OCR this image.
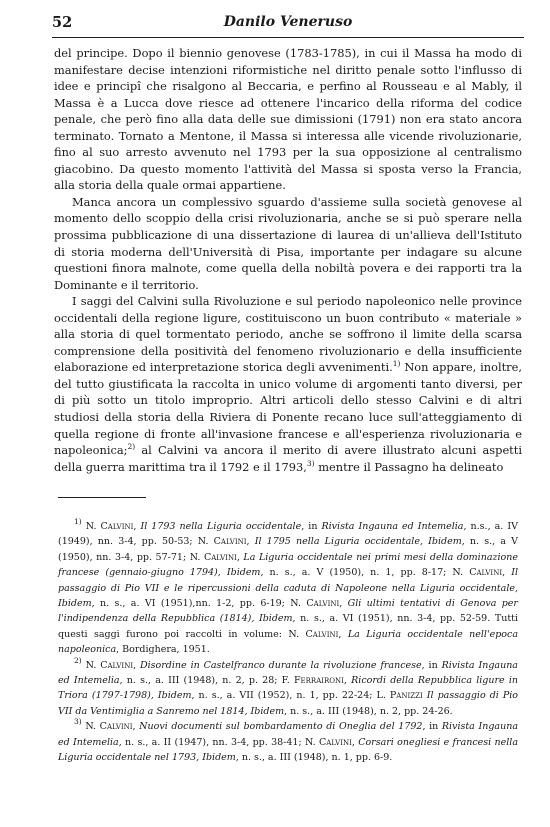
52	Danilo Veneruso

del principe. Dopo il biennio genovese (1783-1785), in cui il Massa ha modo di manifestare decise intenzioni riformistiche nel diritto penale sotto l'influsso di idee e principî che risalgono al Beccaria, e perfino al Rousseau e al Mably, il Massa è a Lucca dove riesce ad ottenere l'incarico della riforma del codice penale, che però fino alla data delle sue dimissioni (1791) non era stato ancora terminato. Tornato a Mentone, il Massa si interessa alle vicende rivoluzionarie, fino al suo arresto avvenuto nel 1793 per la sua opposizione al centralismo giacobino. Da questo momento l'attività del Massa si sposta verso la Francia, alla storia della quale ormai appartiene.

Manca ancora un complessivo sguardo d'assieme sulla società genovese al momento dello scoppio della crisi rivoluzionaria, anche se si può sperare nella prossima pubblicazione di una dissertazione di laurea di un'allieva dell'Istituto di storia moderna dell'Università di Pisa, importante per indagare su alcune questioni finora malnote, come quella della nobiltà povera e dei rapporti tra la Dominante e il territorio.

I saggi del Calvini sulla Rivoluzione e sul periodo napoleonico nelle province occidentali della regione ligure, costituiscono un buon contributo « materiale » alla storia di quel tormentato periodo, anche se soffrono il limite della scarsa comprensione della positività del fenomeno rivoluzionario e della insufficiente elaborazione ed interpretazione storica degli avvenimenti.$^{1)}$ Non appare, inoltre, del tutto giustificata la raccolta in unico volume di argomenti tanto diversi, per di più sotto un titolo improprio. Altri articoli dello stesso Calvini e di altri studiosi della storia della Riviera di Ponente recano luce sull'atteggiamento di quella regione di fronte all'invasione francese e all'esperienza rivoluzionaria e napoleonica;$^{2)}$ al Calvini va ancora il merito di avere illustrato alcuni aspetti della guerra marittima tra il 1792 e il 1793,$^{3)}$ mentre il Passagno ha delineato

$^{1)}$ N. Calvini, Il 1793 nella Liguria occidentale, in Rivista Ingauna ed Intemelia, n.s., a. IV (1949), nn. 3-4, pp. 50-53; N. Calvini, Il 1795 nella Liguria occidentale, Ibidem, n. s., a V (1950), nn. 3-4, pp. 57-71; N. Calvini, La Liguria occidentale nei primi mesi della dominazione francese (gennaio-giugno 1794), Ibidem, n. s., a. V (1950), n. 1, pp. 8-17; N. Calvini, Il passaggio di Pio VII e le ripercussioni della caduta di Napoleone nella Liguria occidentale, Ibidem, n. s., a. VI (1951),nn. 1-2, pp. 6-19; N. Calvini, Gli ultimi tentativi di Genova per l'indipendenza della Repubblica (1814), Ibidem, n. s., a. VI (1951), nn. 3-4, pp. 52-59. Tutti questi saggi furono poi raccolti in volume: N. Calvini, La Liguria occidentale nell'epoca napoleonica, Bordighera, 1951.

$^{2)}$ N. Calvini, Disordine in Castelfranco durante la rivoluzione francese, in Rivista Ingauna ed Intemelia, n. s., a. III (1948), n. 2, p. 28; F. Ferraironi, Ricordi della Repubblica ligure in Triora (1797-1798), Ibidem, n. s., a. VII (1952), n. 1, pp. 22-24; L. Panizzi Il passaggio di Pio VII da Ventimiglia a Sanremo nel 1814, Ibidem, n. s., a. III (1948), n. 2, pp. 24-26.

$^{3)}$ N. Calvini, Nuovi documenti sul bombardamento di Oneglia del 1792, in Rivista Ingauna ed Intemelia, n. s., a. II (1947), nn. 3-4, pp. 38-41; N. Calvini, Corsari onegliesi e francesi nella Liguria occidentale nel 1793, Ibidem, n. s., a. III (1948), n. 1, pp. 6-9.
